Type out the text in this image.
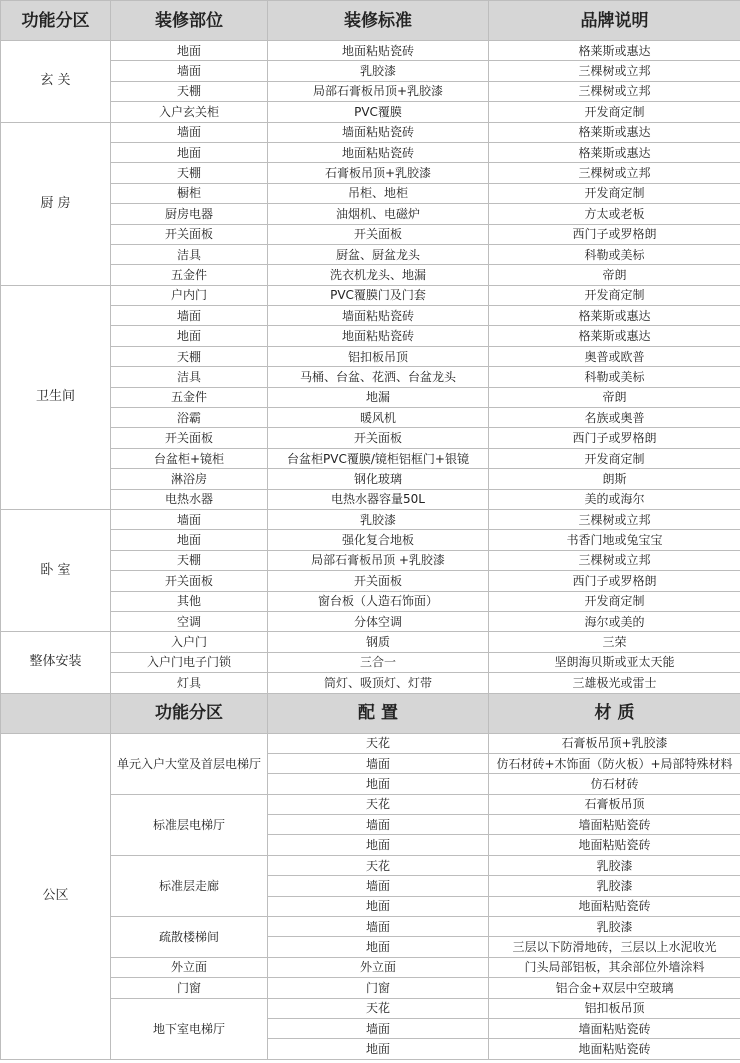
功能分区	装修部位	装修标准	品牌说明
玄 关	地面	地面粘贴瓷砖	格莱斯或惠达
	墙面	乳胶漆	三棵树或立邦
	天棚	局部石膏板吊顶+乳胶漆	三棵树或立邦
	入户玄关柜	PVC覆膜	开发商定制
厨 房	墙面	墙面粘贴瓷砖	格莱斯或惠达
	地面	地面粘贴瓷砖	格莱斯或惠达
	天棚	石膏板吊顶+乳胶漆	三棵树或立邦
	橱柜	吊柜、地柜	开发商定制
	厨房电器	油烟机、电磁炉	方太或老板
	开关面板	开关面板	西门子或罗格朗
	洁具	厨盆、厨盆龙头	科勒或美标
	五金件	洗衣机龙头、地漏	帝朗
卫生间	户内门	PVC覆膜门及门套	开发商定制
	墙面	墙面粘贴瓷砖	格莱斯或惠达
	地面	地面粘贴瓷砖	格莱斯或惠达
	天棚	铝扣板吊顶	奥普或欧普
	洁具	马桶、台盆、花洒、台盆龙头	科勒或美标
	五金件	地漏	帝朗
	浴霸	暖风机	名族或奥普
	开关面板	开关面板	西门子或罗格朗
	台盆柜+镜柜	台盆柜PVC覆膜/镜柜铝框门+银镜	开发商定制
	淋浴房	钢化玻璃	朗斯
	电热水器	电热水器容量50L	美的或海尔
卧 室	墙面	乳胶漆	三棵树或立邦
	地面	强化复合地板	书香门地或兔宝宝
	天棚	局部石膏板吊顶 +乳胶漆	三棵树或立邦
	开关面板	开关面板	西门子或罗格朗
	其他	窗台板（人造石饰面）	开发商定制
	空调	分体空调	海尔或美的
整体安装	入户门	钢质	三荣
	入户门电子门锁	三合一	坚朗海贝斯或亚太天能
	灯具	筒灯、吸顶灯、灯带	三雄极光或雷士
	功能分区	配 置	材 质
公区	单元入户大堂及首层电梯厅	天花	石膏板吊顶+乳胶漆
		墙面	仿石材砖+木饰面（防火板）+局部特殊材料
		地面	仿石材砖
	标准层电梯厅	天花	石膏板吊顶
		墙面	墙面粘贴瓷砖
		地面	地面粘贴瓷砖
	标准层走廊	天花	乳胶漆
		墙面	乳胶漆
		地面	地面粘贴瓷砖
	疏散楼梯间	墙面	乳胶漆
		地面	三层以下防滑地砖，三层以上水泥收光
	外立面	外立面	门头局部铝板，其余部位外墙涂料
	门窗	门窗	铝合金+双层中空玻璃
	地下室电梯厅	天花	铝扣板吊顶
		墙面	墙面粘贴瓷砖
		地面	地面粘贴瓷砖
